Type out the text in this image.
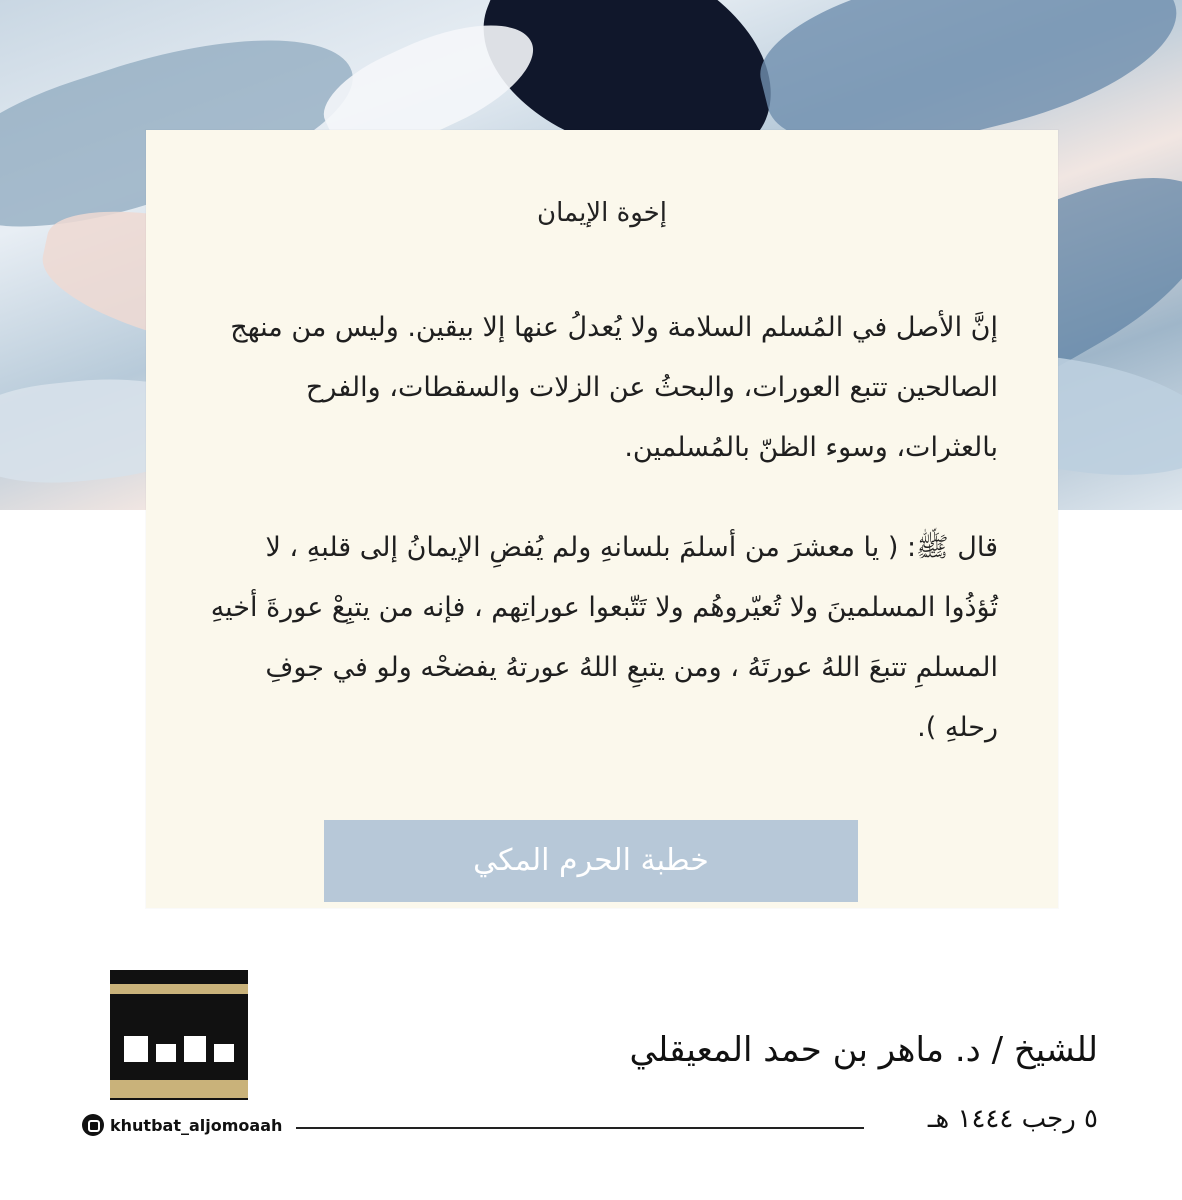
إخوة الإيمان
إنَّ الأصل في المُسلم السلامة ولا يُعدلُ عنها إلا بيقين. وليس من منهج الصالحين تتبع العورات، والبحثُ عن الزلات والسقطات، والفرح بالعثرات، وسوء الظنّ بالمُسلمين.
قال ﷺ: ( يا معشرَ من أسلمَ بلسانهِ ولم يُفضِ الإيمانُ إلى قلبهِ ، لا تُؤذُوا المسلمينَ ولا تُعيّروهُم ولا تَتّبعوا عوراتِهم ، فإنه من يتبِعْ عورةَ أخيهِ المسلمِ تتبعَ اللهُ عورتَهُ ، ومن يتبعِ اللهُ عورتهُ يفضحْه ولو في جوفِ رحلهِ ).
خطبة الحرم المكي
khutbat_aljomoaah
للشيخ / د. ماهر بن حمد المعيقلي
٥ رجب ١٤٤٤ هـ
